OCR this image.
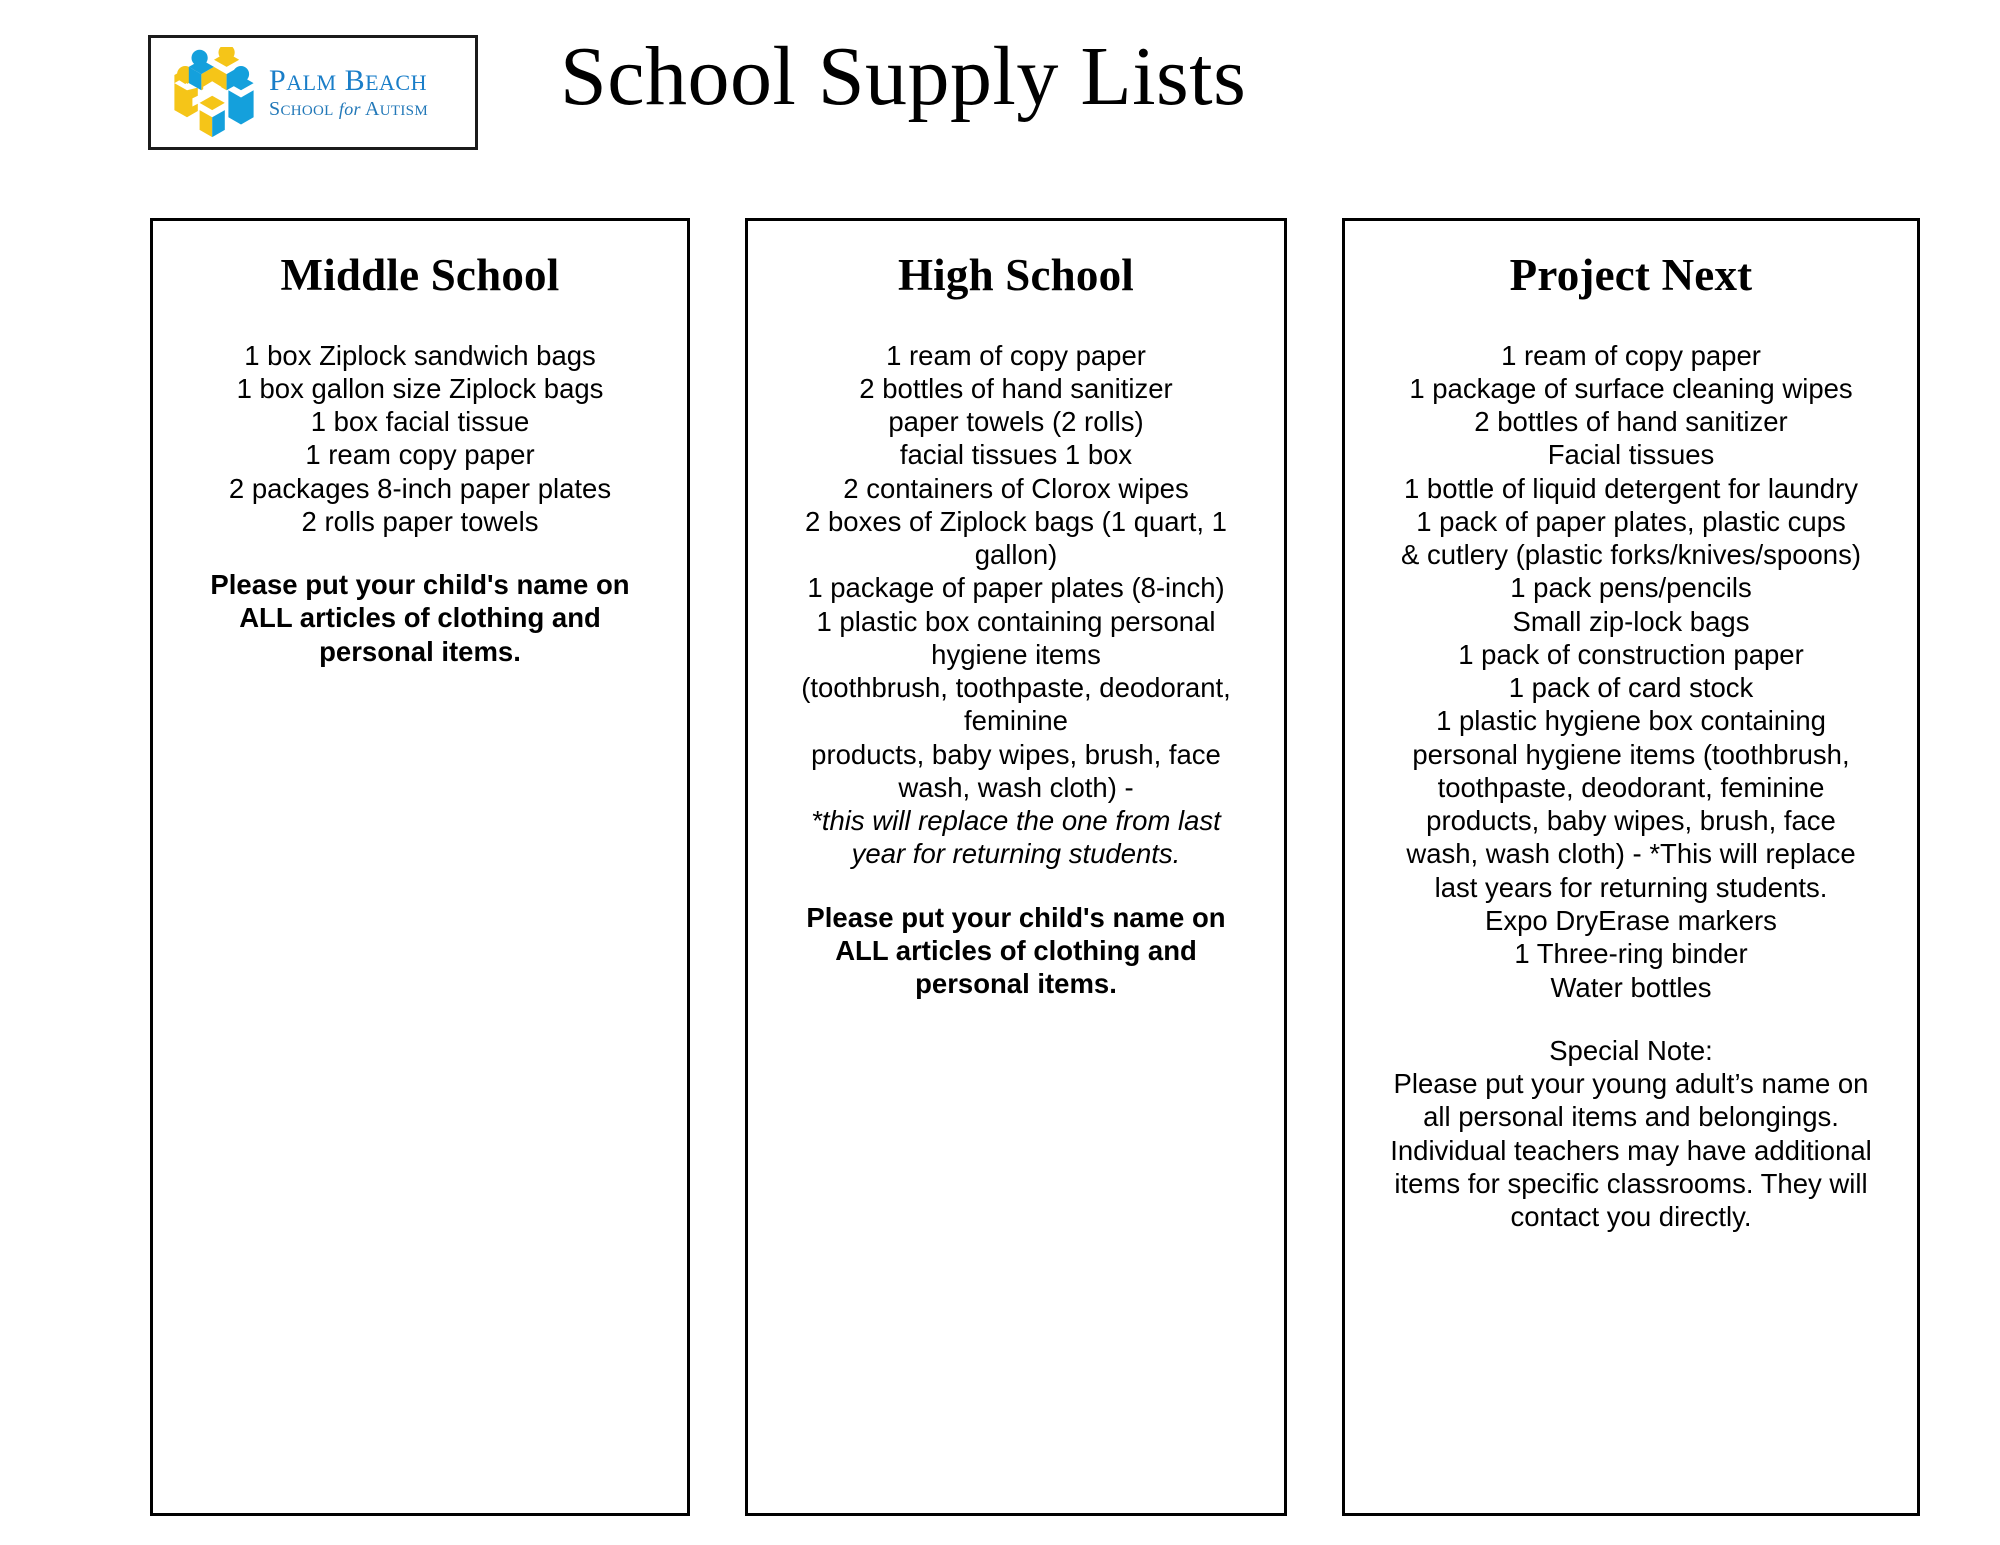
PALM BEACH
SCHOOL for AUTISM School Supply Lists
Middle School
1 box Ziplock sandwich bags
1 box gallon size Ziplock bags
1 box facial tissue
1 ream copy paper
2 packages 8-inch paper plates
2 rolls paper towels
Please put your child's name on
ALL articles of clothing and
personal items.
High School
1 ream of copy paper
2 bottles of hand sanitizer
paper towels (2 rolls)
facial tissues 1 box
2 containers of Clorox wipes
2 boxes of Ziplock bags (1 quart, 1
gallon)
1 package of paper plates (8-inch)
1 plastic box containing personal
hygiene items
(toothbrush, toothpaste, deodorant,
feminine
products, baby wipes, brush, face
wash, wash cloth) -
*this will replace the one from last
year for returning students.
Please put your child's name on
ALL articles of clothing and
personal items.
Project Next
1 ream of copy paper
1 package of surface cleaning wipes
2 bottles of hand sanitizer
Facial tissues
1 bottle of liquid detergent for laundry
1 pack of paper plates, plastic cups
& cutlery (plastic forks/knives/spoons)
1 pack pens/pencils
Small zip-lock bags
1 pack of construction paper
1 pack of card stock
1 plastic hygiene box containing
personal hygiene items (toothbrush,
toothpaste, deodorant, feminine
products, baby wipes, brush, face
wash, wash cloth) - *This will replace
last years for returning students.
Expo DryErase markers
1 Three-ring binder
Water bottles
Special Note:
Please put your young adult’s name on
all personal items and belongings.
Individual teachers may have additional
items for specific classrooms. They will
contact you directly.
